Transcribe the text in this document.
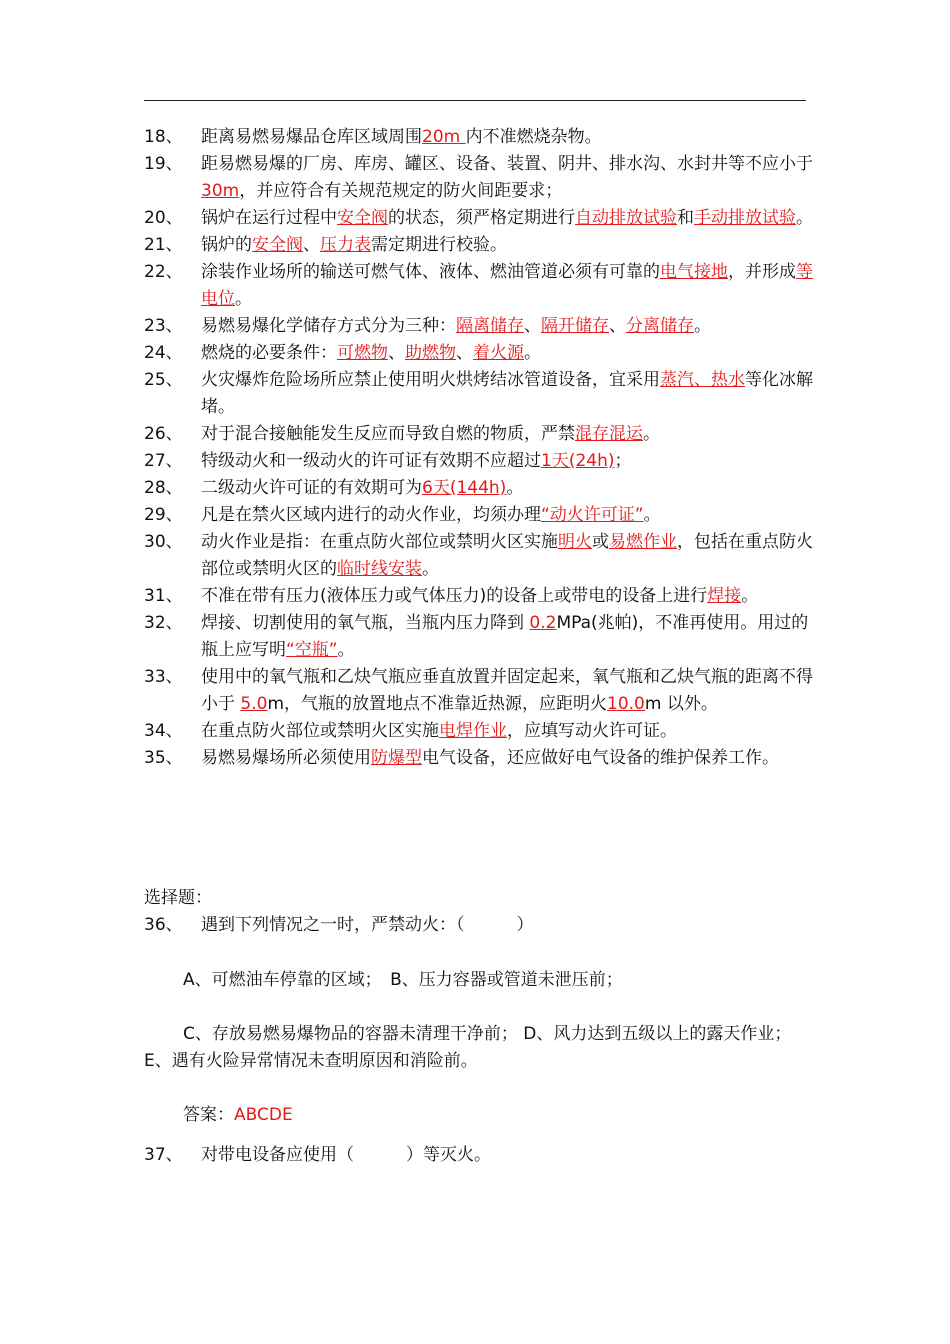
18、	距离易燃易爆品仓库区域周围20m 内不准燃烧杂物。
19、	距易燃易爆的厂房、库房、罐区、设备、装置、阴井、排水沟、水封井等不应小于 30m，并应符合有关规范规定的防火间距要求；
20、	锅炉在运行过程中安全阀的状态，须严格定期进行自动排放试验和手动排放试验。
21、	锅炉的安全阀、压力表需定期进行校验。
22、	涂装作业场所的输送可燃气体、液体、燃油管道必须有可靠的电气接地，并形成等电位。
23、	易燃易爆化学储存方式分为三种：隔离储存、隔开储存、分离储存。
24、	燃烧的必要条件：可燃物、助燃物、着火源。
25、	火灾爆炸危险场所应禁止使用明火烘烤结冰管道设备，宜采用蒸汽、热水等化冰解堵。
26、	对于混合接触能发生反应而导致自燃的物质，严禁混存混运。
27、	特级动火和一级动火的许可证有效期不应超过1天(24h)；
28、	二级动火许可证的有效期可为6天(144h)。
29、	凡是在禁火区域内进行的动火作业，均须办理“动火许可证”。
30、	动火作业是指：在重点防火部位或禁明火区实施明火或易燃作业，包括在重点防火部位或禁明火区的临时线安装。
31、	不准在带有压力(液体压力或气体压力)的设备上或带电的设备上进行焊接。
32、	焊接、切割使用的氧气瓶，当瓶内压力降到 0.2MPa(兆帕)，不准再使用。用过的瓶上应写明“空瓶”。
33、	使用中的氧气瓶和乙炔气瓶应垂直放置并固定起来，氧气瓶和乙炔气瓶的距离不得小于 5.0m，气瓶的放置地点不准靠近热源，应距明火10.0m 以外。
34、	在重点防火部位或禁明火区实施电焊作业，应填写动火许可证。
35、	易燃易爆场所必须使用防爆型电气设备，还应做好电气设备的维护保养工作。
选择题：
36、	遇到下列情况之一时，严禁动火：（	）
A、可燃油车停靠的区域；　B、压力容器或管道未泄压前；
C、存放易燃易爆物品的容器未清理干净前； D、风力达到五级以上的露天作业；　　E、遇有火险异常情况未查明原因和消险前。
答案：ABCDE
37、	对带电设备应使用（	）等灭火。
